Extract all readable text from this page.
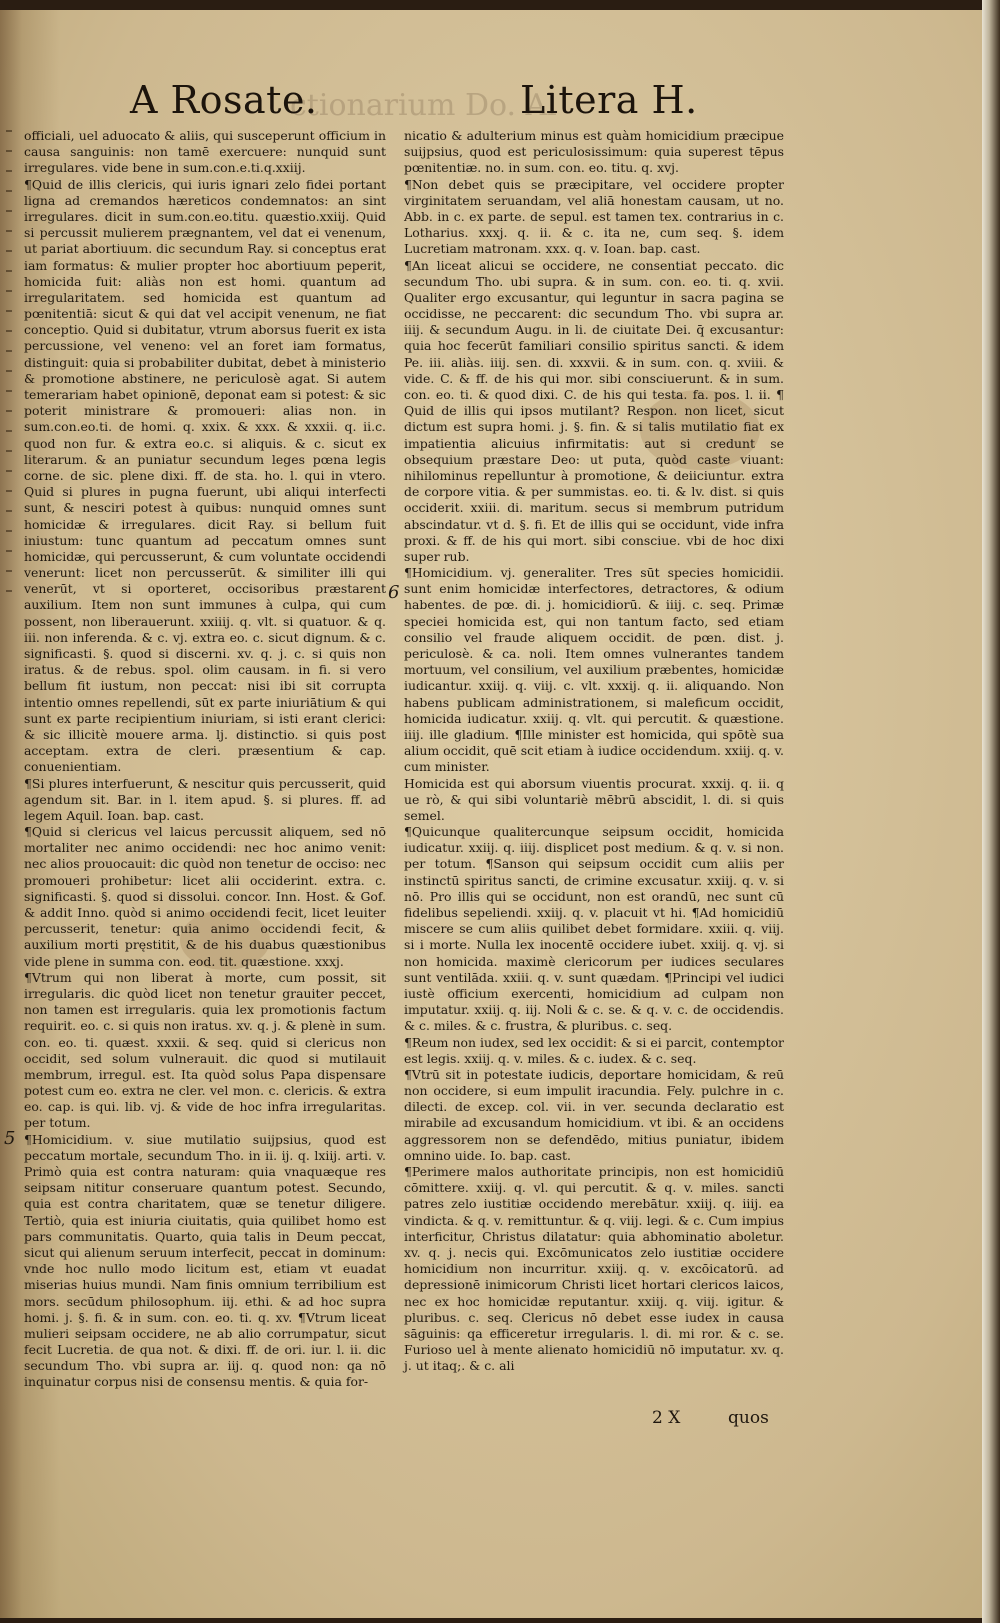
ctionarium Do. Al
A Rosate.	Litera H.

officiali, uel aduocato & aliis, qui susceperunt officium in causa sanguinis: non tamē exercuere: nunquid sunt irregulares. vide bene in sum.con.e.ti.q.xxiij.

¶Quid de illis clericis, qui iuris ignari zelo fidei portant ligna ad cremandos hæreticos condemnatos: an sint irregulares. dicit in sum.con.eo.titu. quæstio.xxiij. Quid si percussit mulierem prægnantem, vel dat ei venenum, ut pariat abortiuum. dic secundum Ray. si conceptus erat iam formatus: & mulier propter hoc abortiuum peperit, homicida fuit: aliàs non est homi. quantum ad irregularitatem. sed homicida est quantum ad pœnitentiā: sicut & qui dat vel accipit venenum, ne fiat conceptio. Quid si dubitatur, vtrum aborsus fuerit ex ista percussione, vel veneno: vel an foret iam formatus, distinguit: quia si probabiliter dubitat, debet à ministerio & promotione abstinere, ne periculosè agat. Si autem temerariam habet opinionē, deponat eam si potest: & sic poterit ministrare & promoueri: alias non. in sum.con.eo.ti. de homi. q. xxix. & xxx. & xxxii. q. ii.c. quod non fur. & extra eo.c. si aliquis. & c. sicut ex literarum. & an puniatur secundum leges pœna legis corne. de sic. plene dixi. ff. de sta. ho. l. qui in vtero. Quid si plures in pugna fuerunt, ubi aliqui interfecti sunt, & nesciri potest à quibus: nunquid omnes sunt homicidæ & irregulares. dicit Ray. si bellum fuit iniustum: tunc quantum ad peccatum omnes sunt homicidæ, qui percusserunt, & cum voluntate occidendi venerunt: licet non percusserūt. & similiter illi qui venerūt, vt si oporteret, occisoribus præstarent auxilium. Item non sunt immunes à culpa, qui cum possent, non liberauerunt. xxiiij. q. vlt. si quatuor. & q. iii. non inferenda. & c. vj. extra eo. c. sicut dignum. & c. significasti. §. quod si discerni. xv. q. j. c. si quis non iratus. & de rebus. spol. olim causam. in fi. si vero bellum fit iustum, non peccat: nisi ibi sit corrupta intentio omnes repellendi, sūt ex parte iniuriātium & qui sunt ex parte recipientium iniuriam, si isti erant clerici: & sic illicitè mouere arma. lj. distinctio. si quis post acceptam. extra de cleri. præsentium & cap. conuenientiam.

¶Si plures interfuerunt, & nescitur quis percusserit, quid agendum sit. Bar. in l. item apud. §. si plures. ff. ad legem Aquil. Ioan. bap. cast.

¶Quid si clericus vel laicus percussit aliquem, sed nō mortaliter nec animo occidendi: nec hoc animo venit: nec alios prouocauit: dic quòd non tenetur de occiso: nec promoueri prohibetur: licet alii occiderint. extra. c. significasti. §. quod si dissolui. concor. Inn. Host. & Gof. & addit Inno. quòd si animo occidendi fecit, licet leuiter percusserit, tenetur: quia animo occidendi fecit, & auxilium morti pręstitit, & de his duabus quæstionibus vide plene in summa con. eod. tit. quæstione. xxxj.

¶Vtrum qui non liberat à morte, cum possit, sit irregularis. dic quòd licet non tenetur grauiter peccet, non tamen est irregularis. quia lex promotionis factum requirit. eo. c. si quis non iratus. xv. q. j. & plenè in sum. con. eo. ti. quæst. xxxii. & seq. quid si clericus non occidit, sed solum vulnerauit. dic quod si mutilauit membrum, irregul. est. Ita quòd solus Papa dispensare potest cum eo. extra ne cler. vel mon. c. clericis. & extra eo. cap. is qui. lib. vj. & vide de hoc infra irregularitas. per totum.

¶Homicidium. v. siue mutilatio suijpsius, quod est peccatum mortale, secundum Tho. in ii. ij. q. lxiij. arti. v. Primò quia est contra naturam: quia vnaquæque res seipsam nititur conseruare quantum potest. Secundo, quia est contra charitatem, quæ se tenetur diligere. Tertiò, quia est iniuria ciuitatis, quia quilibet homo est pars communitatis. Quarto, quia talis in Deum peccat, sicut qui alienum seruum interfecit, peccat in dominum: vnde hoc nullo modo licitum est, etiam vt euadat miserias huius mundi. Nam finis omnium terribilium est mors. secūdum philosophum. iij. ethi. & ad hoc supra homi. j. §. fi. & in sum. con. eo. ti. q. xv. ¶Vtrum liceat mulieri seipsam occidere, ne ab alio corrumpatur, sicut fecit Lucretia. de qua not. & dixi. ff. de ori. iur. l. ii. dic secundum Tho. vbi supra ar. iij. q. quod non: qa nō inquinatur corpus nisi de consensu mentis. & quia for-

5
6

nicatio & adulterium minus est quàm homicidium præcipue suijpsius, quod est periculosissimum: quia superest tēpus pœnitentiæ. no. in sum. con. eo. titu. q. xvj.

¶Non debet quis se præcipitare, vel occidere propter virginitatem seruandam, vel aliā honestam causam, ut no. Abb. in c. ex parte. de sepul. est tamen tex. contrarius in c. Lotharius. xxxj. q. ii. & c. ita ne, cum seq. §. idem Lucretiam matronam. xxx. q. v. Ioan. bap. cast.

¶An liceat alicui se occidere, ne consentiat peccato. dic secundum Tho. ubi supra. & in sum. con. eo. ti. q. xvii. Qualiter ergo excusantur, qui leguntur in sacra pagina se occidisse, ne peccarent: dic secundum Tho. vbi supra ar. iiij. & secundum Augu. in li. de ciuitate Dei. q̄ excusantur: quia hoc fecerūt familiari consilio spiritus sancti. & idem Pe. iii. aliàs. iiij. sen. di. xxxvii. & in sum. con. q. xviii. & vide. C. & ff. de his qui mor. sibi consciuerunt. & in sum. con. eo. ti. & quod dixi. C. de his qui testa. fa. pos. l. ii. ¶ Quid de illis qui ipsos mutilant? Respon. non licet, sicut dictum est supra homi. j. §. fin. & si talis mutilatio fiat ex impatientia alicuius infirmitatis: aut si credunt se obsequium præstare Deo: ut puta, quòd caste viuant: nihilominus repelluntur à promotione, & deiiciuntur. extra de corpore vitia. & per summistas. eo. ti. & lv. dist. si quis occiderit. xxiii. di. maritum. secus si membrum putridum abscindatur. vt d. §. fi. Et de illis qui se occidunt, vide infra proxi. & ff. de his qui mort. sibi consciue. vbi de hoc dixi super rub.

¶Homicidium. vj. generaliter. Tres sūt species homicidii. sunt enim homicidæ interfectores, detractores, & odium habentes. de pœ. di. j. homicidiorū. & iiij. c. seq. Primæ speciei homicida est, qui non tantum facto, sed etiam consilio vel fraude aliquem occidit. de pœn. dist. j. periculosè. & ca. noli. Item omnes vulnerantes tandem mortuum, vel consilium, vel auxilium præbentes, homicidæ iudicantur. xxiij. q. viij. c. vlt. xxxij. q. ii. aliquando. Non habens publicam administrationem, si maleficum occidit, homicida iudicatur. xxiij. q. vlt. qui percutit. & quæstione. iiij. ille gladium. ¶Ille minister est homicida, qui spōtè sua alium occidit, quē scit etiam à iudice occidendum. xxiij. q. v. cum minister.

Homicida est qui aborsum viuentis procurat. xxxij. q. ii. q ue rò, & qui sibi voluntariè mēbrū abscidit, l. di. si quis semel.

¶Quicunque qualitercunque seipsum occidit, homicida iudicatur. xxiij. q. iiij. displicet post medium. & q. v. si non. per totum. ¶Sanson qui seipsum occidit cum aliis per instinctū spiritus sancti, de crimine excusatur. xxiij. q. v. si nō. Pro illis qui se occidunt, non est orandū, nec sunt cū fidelibus sepeliendi. xxiij. q. v. placuit vt hi. ¶Ad homicidiū miscere se cum aliis quilibet debet formidare. xxiii. q. viij. si i morte. Nulla lex inocentē occidere iubet. xxiij. q. vj. si non homicida. maximè clericorum per iudices seculares sunt ventilāda. xxiii. q. v. sunt quædam. ¶Principi vel iudici iustè officium exercenti, homicidium ad culpam non imputatur. xxiij. q. iij. Noli & c. se. & q. v. c. de occidendis. & c. miles. & c. frustra, & pluribus. c. seq.

¶Reum non iudex, sed lex occidit: & si ei parcit, contemptor est legis. xxiij. q. v. miles. & c. iudex. & c. seq.

¶Vtrū sit in potestate iudicis, deportare homicidam, & reū non occidere, si eum impulit iracundia. Fely. pulchre in c. dilecti. de excep. col. vii. in ver. secunda declaratio est mirabile ad excusandum homicidium. vt ibi. & an occidens aggressorem non se defendēdo, mitius puniatur, ibidem omnino uide. Io. bap. cast.

¶Perimere malos authoritate principis, non est homicidiū cōmittere. xxiij. q. vl. qui percutit. & q. v. miles. sancti patres zelo iustitiæ occidendo merebātur. xxiij. q. iiij. ea vindicta. & q. v. remittuntur. & q. viij. legi. & c. Cum impius interficitur, Christus dilatatur: quia abhominatio aboletur. xv. q. j. necis qui. Excōmunicatos zelo iustitiæ occidere homicidium non incurritur. xxiij. q. v. excōicatorū. ad depressionē inimicorum Christi licet hortari clericos laicos, nec ex hoc homicidæ reputantur. xxiij. q. viij. igitur. & pluribus. c. seq. Clericus nō debet esse iudex in causa sāguinis: qa efficeretur irregularis. l. di. mi ror. & c. se. Furioso uel à mente alienato homicidiū nō imputatur. xv. q. j. ut itaq;. & c. ali

2 X	quos
